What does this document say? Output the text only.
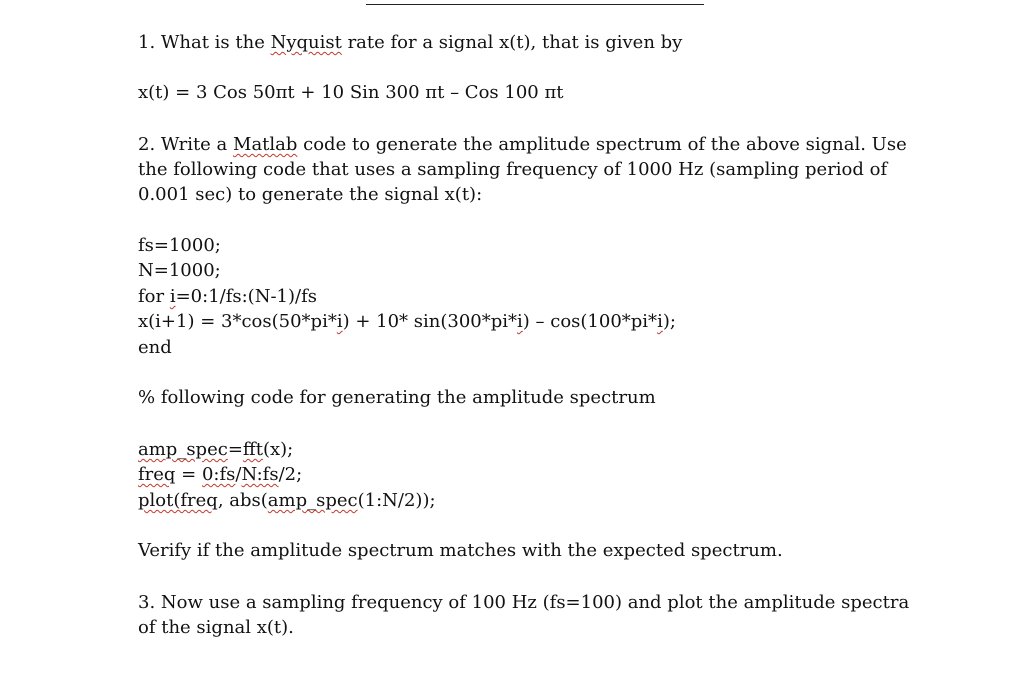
1. What is the Nyquist rate for a signal x(t), that is given by
x(t) = 3 Cos 50πt + 10 Sin 300 πt – Cos 100 πt
2. Write a Matlab code to generate the amplitude spectrum of the above signal. Use
the following code that uses a sampling frequency of 1000 Hz (sampling period of
0.001 sec) to generate the signal x(t):
fs=1000;
N=1000;
for i=0:1/fs:(N-1)/fs
x(i+1) = 3*cos(50*pi*i) + 10* sin(300*pi*i) – cos(100*pi*i);
end
% following code for generating the amplitude spectrum
amp_spec=fft(x);
freq = 0:fs/N:fs/2;
plot(freq, abs(amp_spec(1:N/2));
Verify if the amplitude spectrum matches with the expected spectrum.
3. Now use a sampling frequency of 100 Hz (fs=100) and plot the amplitude spectra
of the signal x(t).
